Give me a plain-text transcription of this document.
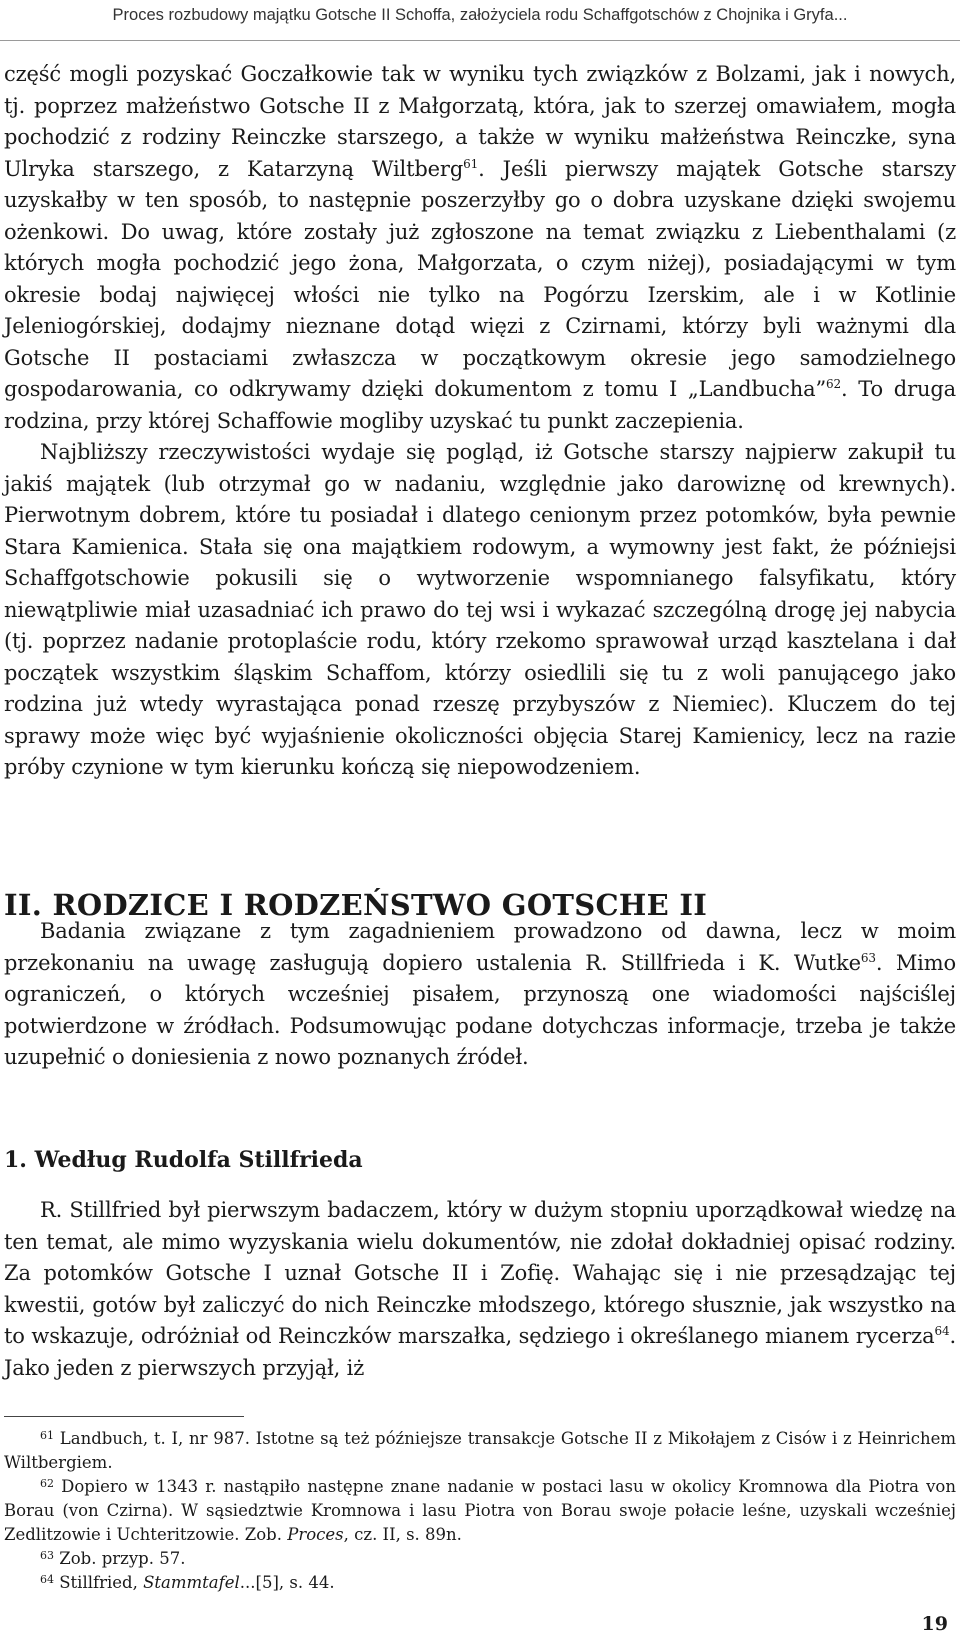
Proces rozbudowy majątku Gotsche II Schoffa, założyciela rodu Schaffgotschów z Chojnika i Gryfa...

część mogli pozyskać Goczałkowie tak w wyniku tych związków z Bolzami, jak i nowych, tj. poprzez małżeństwo Gotsche II z Małgorzatą, która, jak to szerzej omawiałem, mogła pochodzić z rodziny Reinczke starszego, a także w wyniku małżeństwa Reinczke, syna Ulryka starszego, z Katarzyną Wiltberg$^{61}$. Jeśli pierwszy majątek Gotsche starszy uzyskałby w ten sposób, to następnie poszerzyłby go o dobra uzyskane dzięki swojemu ożenkowi. Do uwag, które zostały już zgłoszone na temat związku z Liebenthalami (z których mogła pochodzić jego żona, Małgorzata, o czym niżej), posiadającymi w tym okresie bodaj najwięcej włości nie tylko na Pogórzu Izerskim, ale i w Kotlinie Jeleniogórskiej, dodajmy nieznane dotąd więzi z Czirnami, którzy byli ważnymi dla Gotsche II postaciami zwłaszcza w początkowym okresie jego samodzielnego gospodarowania, co odkrywamy dzięki dokumentom z tomu I „Landbucha”$^{62}$. To druga rodzina, przy której Schaffowie mogliby uzyskać tu punkt zaczepienia.

Najbliższy rzeczywistości wydaje się pogląd, iż Gotsche starszy najpierw zakupił tu jakiś majątek (lub otrzymał go w nadaniu, względnie jako darowiznę od krewnych). Pierwotnym dobrem, które tu posiadał i dlatego cenionym przez potomków, była pewnie Stara Kamienica. Stała się ona majątkiem rodowym, a wymowny jest fakt, że późniejsi Schaffgotschowie pokusili się o wytworzenie wspomnianego falsyfikatu, który niewątpliwie miał uzasadniać ich prawo do tej wsi i wykazać szczególną drogę jej nabycia (tj. poprzez nadanie protoplaście rodu, który rzekomo sprawował urząd kasztelana i dał początek wszystkim śląskim Schaffom, którzy osiedlili się tu z woli panującego jako rodzina już wtedy wyrastająca ponad rzeszę przybyszów z Niemiec). Kluczem do tej sprawy może więc być wyjaśnienie okoliczności objęcia Starej Kamienicy, lecz na razie próby czynione w tym kierunku kończą się niepowodzeniem.

II. RODZICE I RODZEŃSTWO GOTSCHE II

Badania związane z tym zagadnieniem prowadzono od dawna, lecz w moim przekonaniu na uwagę zasługują dopiero ustalenia R. Stillfrieda i K. Wutke$^{63}$. Mimo ograniczeń, o których wcześniej pisałem, przynoszą one wiadomości najściślej potwierdzone w źródłach. Podsumowując podane dotychczas informacje, trzeba je także uzupełnić o doniesienia z nowo poznanych źródeł.

1. Według Rudolfa Stillfrieda

R. Stillfried był pierwszym badaczem, który w dużym stopniu uporządkował wiedzę na ten temat, ale mimo wyzyskania wielu dokumentów, nie zdołał dokładniej opisać rodziny. Za potomków Gotsche I uznał Gotsche II i Zofię. Wahając się i nie przesądzając tej kwestii, gotów był zaliczyć do nich Reinczke młodszego, którego słusznie, jak wszystko na to wskazuje, odróżniał od Reinczków marszałka, sędziego i określanego mianem rycerza$^{64}$. Jako jeden z pierwszych przyjął, iż

$^{61}$ Landbuch, t. I, nr 987. Istotne są też późniejsze transakcje Gotsche II z Mikołajem z Cisów i z Heinrichem Wiltbergiem.

$^{62}$ Dopiero w 1343 r. nastąpiło następne znane nadanie w postaci lasu w okolicy Kromnowa dla Piotra von Borau (von Czirna). W sąsiedztwie Kromnowa i lasu Piotra von Borau swoje połacie leśne, uzyskali wcześniej Zedlitzowie i Uchteritzowie. Zob. Proces, cz. II, s. 89n.

$^{63}$ Zob. przyp. 57.

$^{64}$ Stillfried, Stammtafel...[5], s. 44.

19
